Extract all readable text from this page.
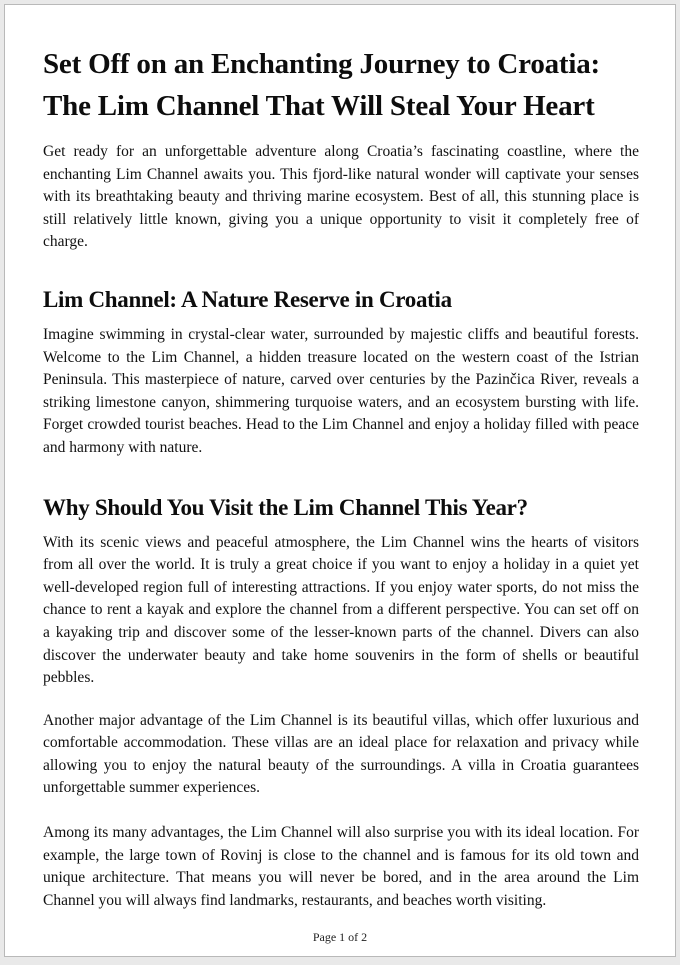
Set Off on an Enchanting Journey to Croatia:
The Lim Channel That Will Steal Your Heart

Get ready for an unforgettable adventure along Croatia’s fascinating coastline, where the enchanting Lim Channel awaits you. This fjord-like natural wonder will captivate your senses with its breathtaking beauty and thriving marine ecosystem. Best of all, this stunning place is still relatively little known, giving you a unique opportunity to visit it completely free of charge.

Lim Channel: A Nature Reserve in Croatia

Imagine swimming in crystal-clear water, surrounded by majestic cliffs and beautiful forests. Welcome to the Lim Channel, a hidden treasure located on the western coast of the Istrian Peninsula. This masterpiece of nature, carved over centuries by the Pazinčica River, reveals a striking limestone canyon, shimmering turquoise waters, and an ecosystem bursting with life. Forget crowded tourist beaches. Head to the Lim Channel and enjoy a holiday filled with peace and harmony with nature.

Why Should You Visit the Lim Channel This Year?

With its scenic views and peaceful atmosphere, the Lim Channel wins the hearts of visitors from all over the world. It is truly a great choice if you want to enjoy a holiday in a quiet yet well-developed region full of interesting attractions. If you enjoy water sports, do not miss the chance to rent a kayak and explore the channel from a different perspective. You can set off on a kayaking trip and discover some of the lesser-known parts of the channel. Divers can also discover the underwater beauty and take home souvenirs in the form of shells or beautiful pebbles.

Another major advantage of the Lim Channel is its beautiful villas, which offer luxurious and comfortable accommodation. These villas are an ideal place for relaxation and privacy while allowing you to enjoy the natural beauty of the surroundings. A villa in Croatia guarantees unforgettable summer experiences.

Among its many advantages, the Lim Channel will also surprise you with its ideal location. For example, the large town of Rovinj is close to the channel and is famous for its old town and unique architecture. That means you will never be bored, and in the area around the Lim Channel you will always find landmarks, restaurants, and beaches worth visiting.

Page 1 of 2
